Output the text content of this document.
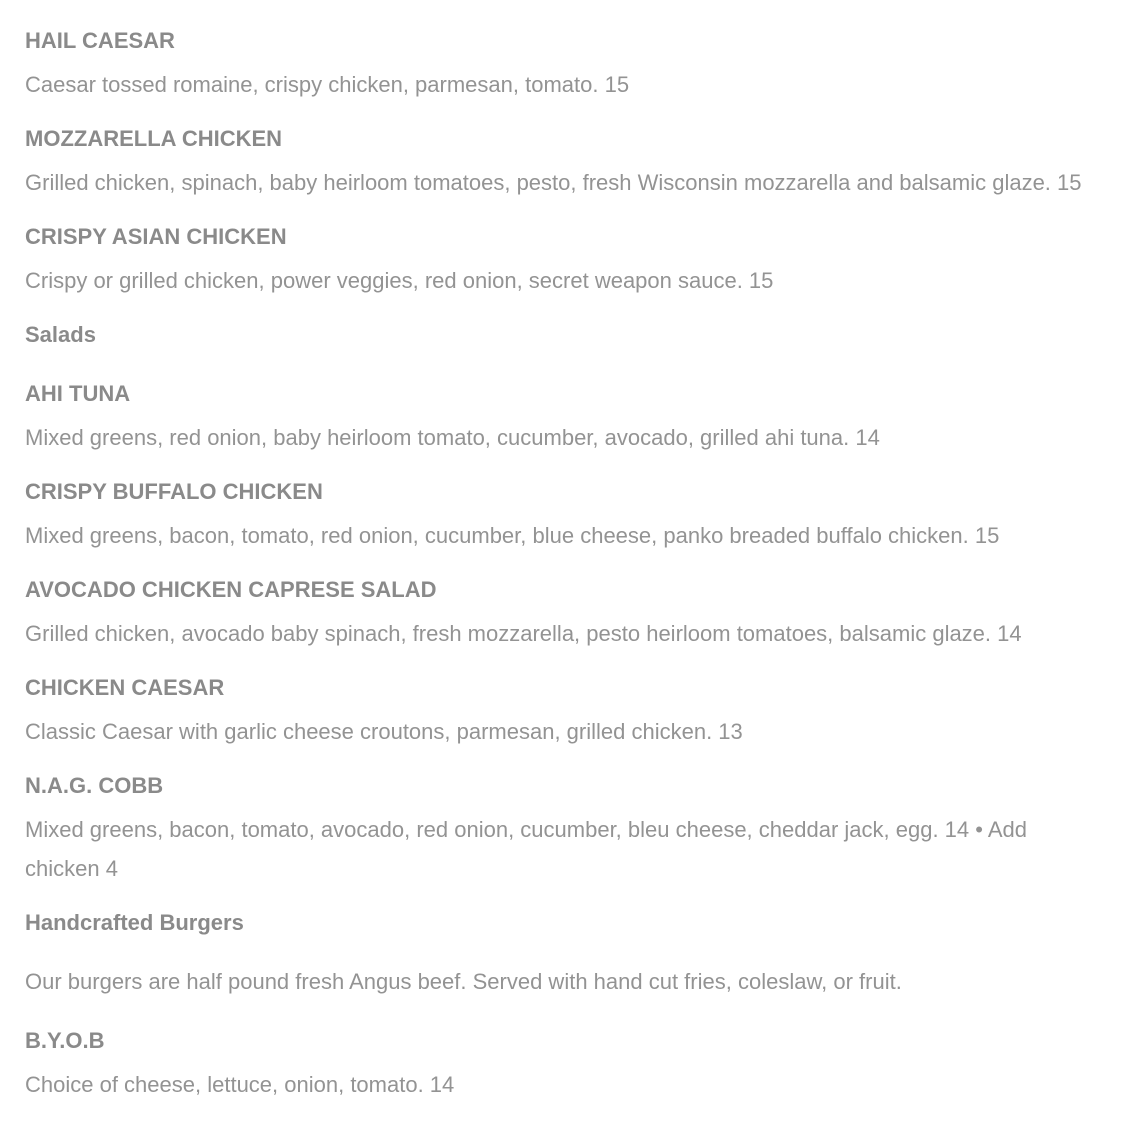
HAIL CAESAR
Caesar tossed romaine, crispy chicken, parmesan, tomato. 15
MOZZARELLA CHICKEN
Grilled chicken, spinach, baby heirloom tomatoes, pesto, fresh Wisconsin mozzarella and balsamic glaze. 15
CRISPY ASIAN CHICKEN
Crispy or grilled chicken, power veggies, red onion, secret weapon sauce. 15
Salads
AHI TUNA
Mixed greens, red onion, baby heirloom tomato, cucumber, avocado, grilled ahi tuna. 14
CRISPY BUFFALO CHICKEN
Mixed greens, bacon, tomato, red onion, cucumber, blue cheese, panko breaded buffalo chicken. 15
AVOCADO CHICKEN CAPRESE SALAD
Grilled chicken, avocado baby spinach, fresh mozzarella, pesto heirloom tomatoes, balsamic glaze. 14
CHICKEN CAESAR
Classic Caesar with garlic cheese croutons, parmesan, grilled chicken. 13
N.A.G. COBB
Mixed greens, bacon, tomato, avocado, red onion, cucumber, bleu cheese, cheddar jack, egg. 14 • Add chicken 4
Handcrafted Burgers
Our burgers are half pound fresh Angus beef. Served with hand cut fries, coleslaw, or fruit.
B.Y.O.B
Choice of cheese, lettuce, onion, tomato. 14
